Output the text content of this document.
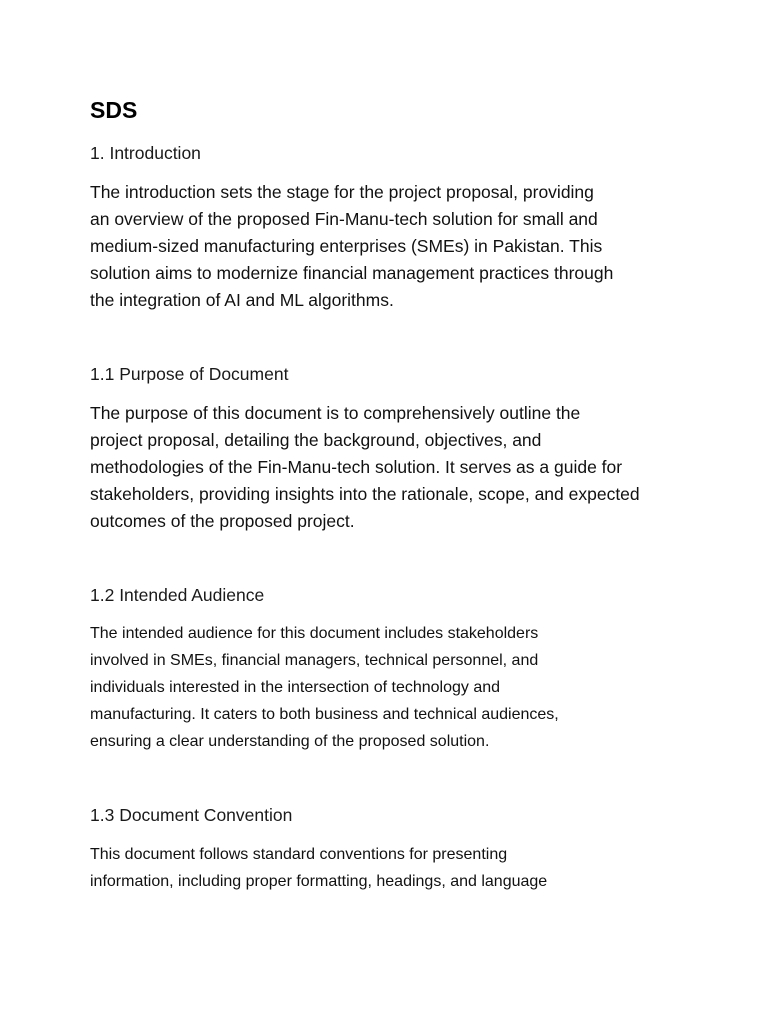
SDS
1. Introduction

The introduction sets the stage for the project proposal, providing
an overview of the proposed Fin-Manu-tech solution for small and
medium-sized manufacturing enterprises (SMEs) in Pakistan. This
solution aims to modernize financial management practices through
the integration of AI and ML algorithms.

1.1 Purpose of Document

The purpose of this document is to comprehensively outline the
project proposal, detailing the background, objectives, and
methodologies of the Fin-Manu-tech solution. It serves as a guide for
stakeholders, providing insights into the rationale, scope, and expected
outcomes of the proposed project.

1.2 Intended Audience

The intended audience for this document includes stakeholders
involved in SMEs, financial managers, technical personnel, and
individuals interested in the intersection of technology and
manufacturing. It caters to both business and technical audiences,
ensuring a clear understanding of the proposed solution.

1.3 Document Convention

This document follows standard conventions for presenting
information, including proper formatting, headings, and language
